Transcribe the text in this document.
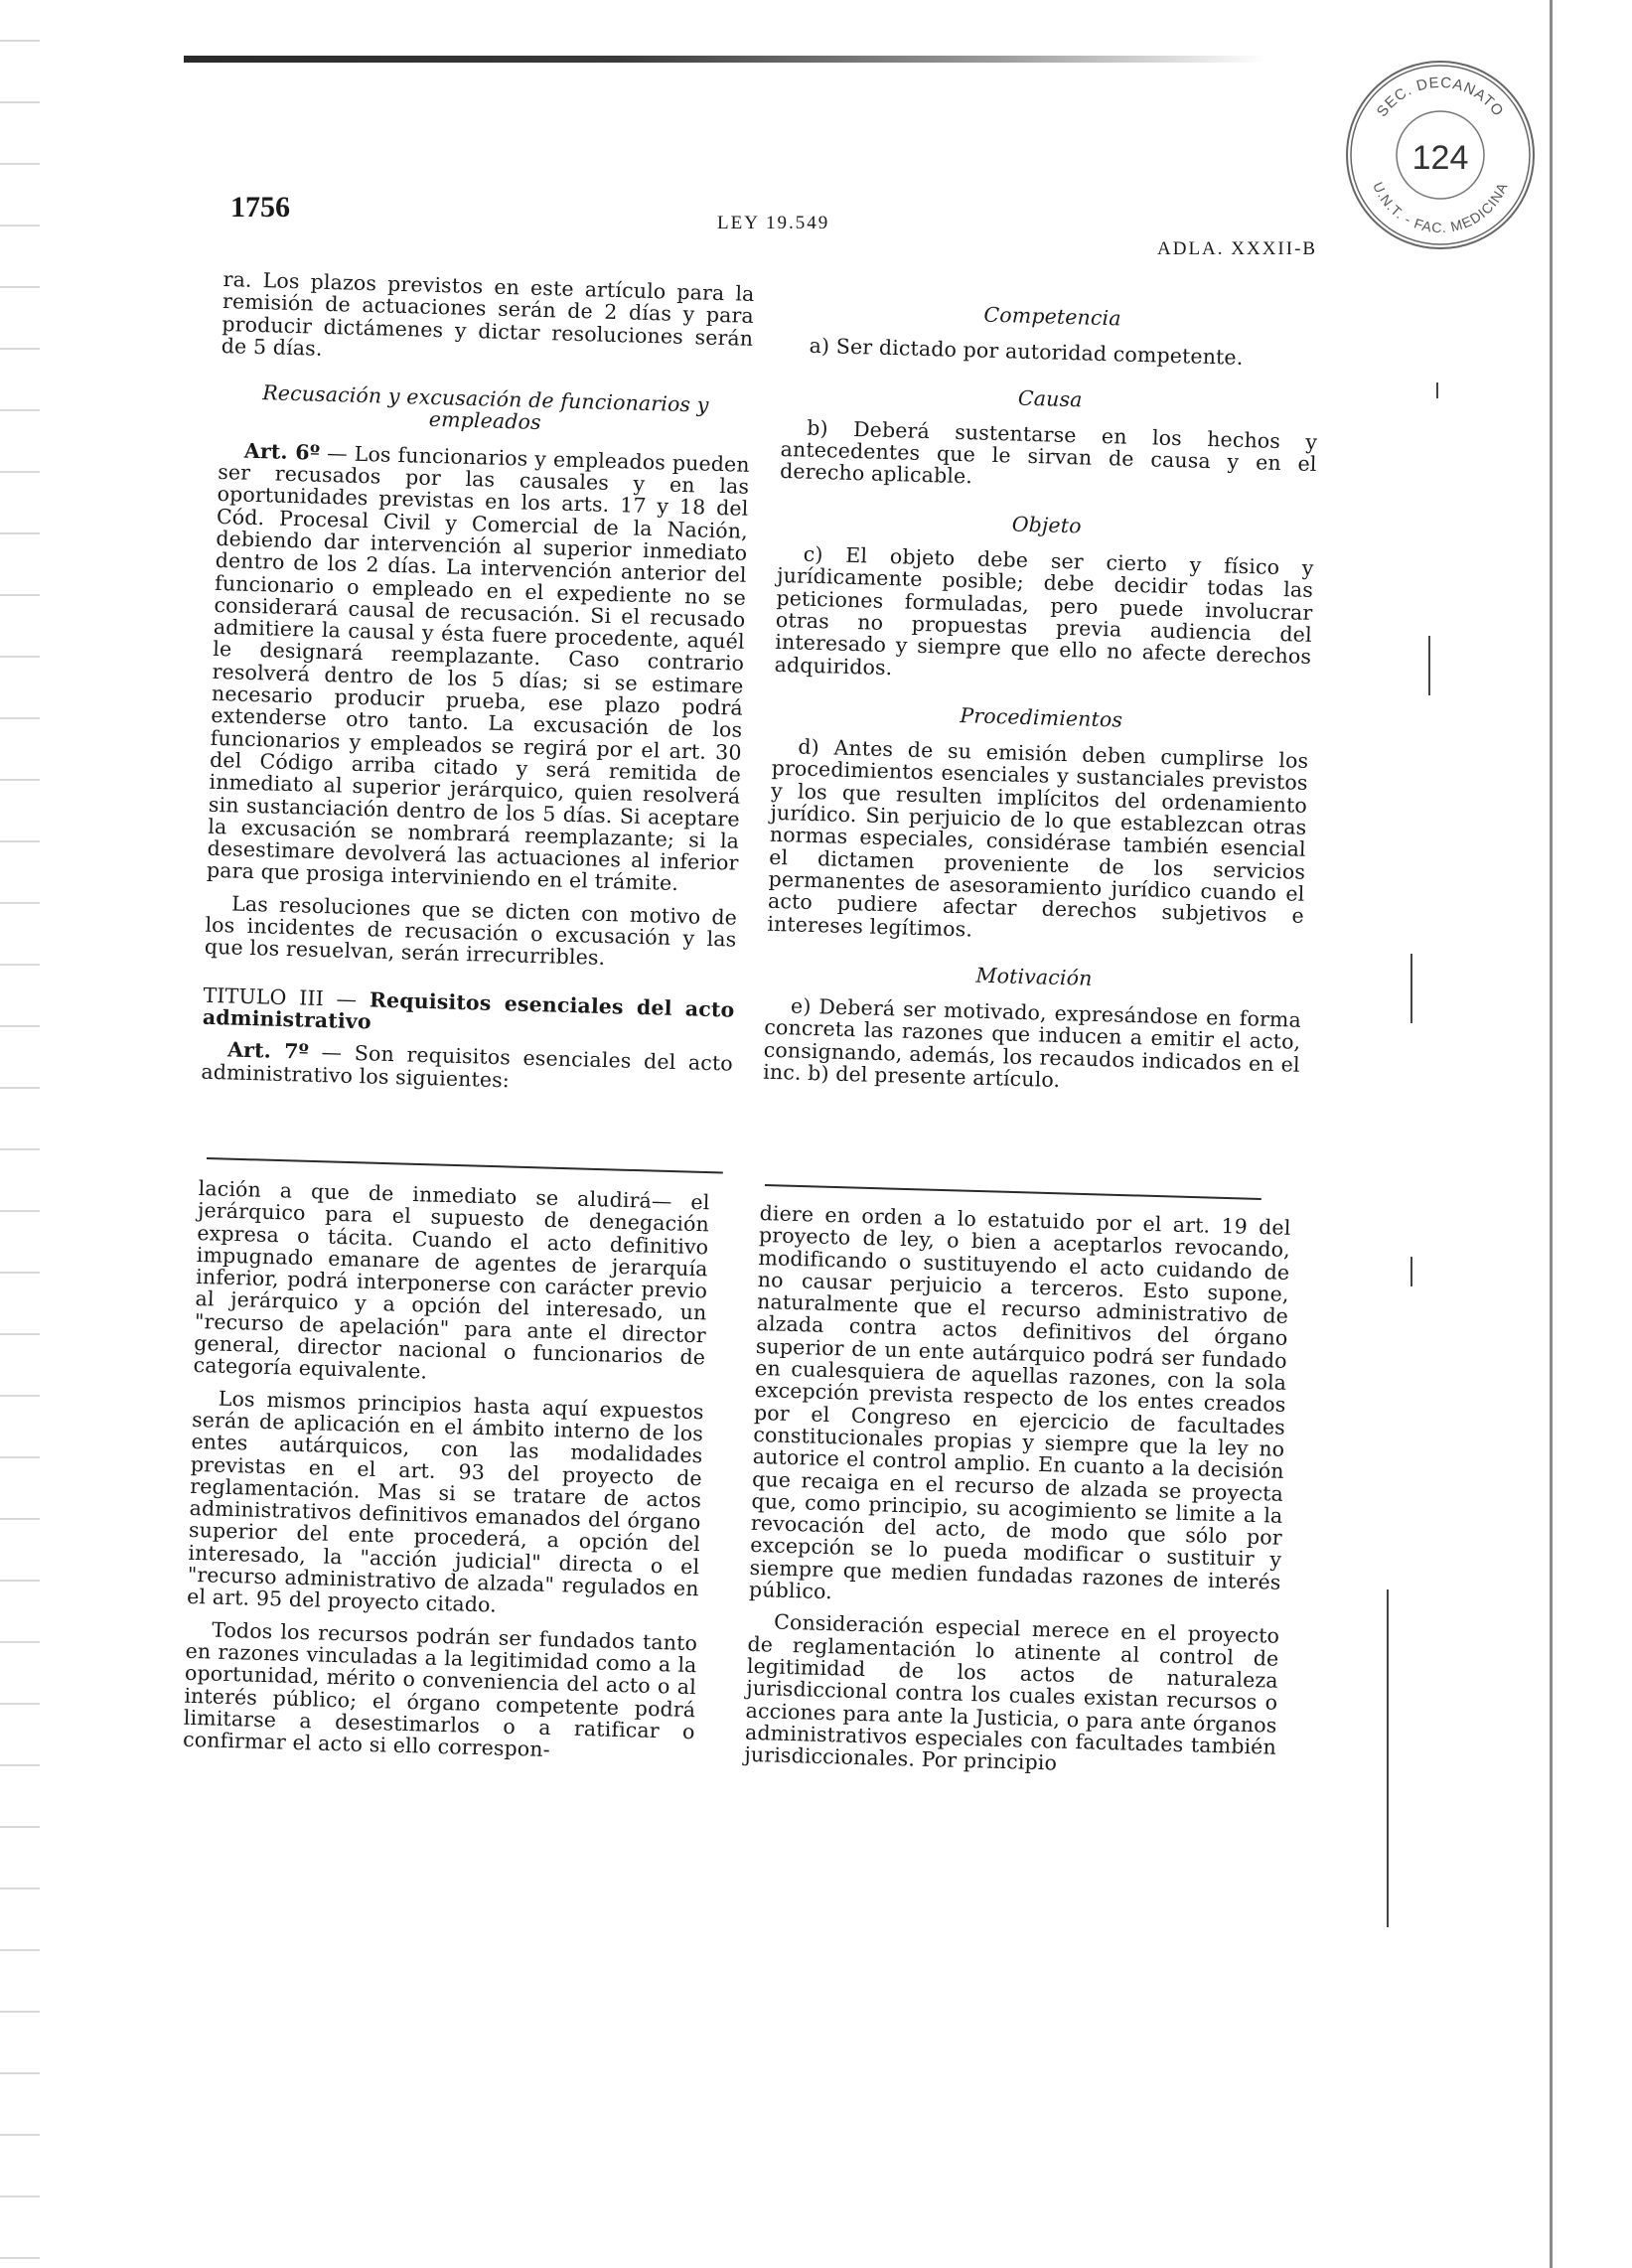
1756	LEY 19.549
ADLA. XXXII-B
SEC. DECANATO
U.N.T. - FAC. MEDICINA
124

ra. Los plazos previstos en este artículo para la remisión de actuaciones serán de 2 días y para producir dictámenes y dictar resoluciones serán de 5 días.

Recusación y excusación de funcionarios y empleados

Art. 6º — Los funcionarios y empleados pueden ser recusados por las causales y en las oportunidades previstas en los arts. 17 y 18 del Cód. Procesal Civil y Comercial de la Nación, debiendo dar intervención al superior inmediato dentro de los 2 días. La intervención anterior del funcionario o empleado en el expediente no se considerará causal de recusación. Si el recusado admitiere la causal y ésta fuere procedente, aquél le designará reemplazante. Caso contrario resolverá dentro de los 5 días; si se estimare necesario producir prueba, ese plazo podrá extenderse otro tanto. La excusación de los funcionarios y empleados se regirá por el art. 30 del Código arriba citado y será remitida de inmediato al superior jerárquico, quien resolverá sin sustanciación dentro de los 5 días. Si aceptare la excusación se nombrará reemplazante; si la desestimare devolverá las actuaciones al inferior para que prosiga interviniendo en el trámite.

Las resoluciones que se dicten con motivo de los incidentes de recusación o excusación y las que los resuelvan, serán irrecurribles.

TITULO III — Requisitos esenciales del acto administrativo

Art. 7º — Son requisitos esenciales del acto administrativo los siguientes:

Competencia

a) Ser dictado por autoridad competente.

Causa

b) Deberá sustentarse en los hechos y antecedentes que le sirvan de causa y en el derecho aplicable.

Objeto

c) El objeto debe ser cierto y físico y jurídicamente posible; debe decidir todas las peticiones formuladas, pero puede involucrar otras no propuestas previa audiencia del interesado y siempre que ello no afecte derechos adquiridos.

Procedimientos

d) Antes de su emisión deben cumplirse los procedimientos esenciales y sustanciales previstos y los que resulten implícitos del ordenamiento jurídico. Sin perjuicio de lo que establezcan otras normas especiales, considérase también esencial el dictamen proveniente de los servicios permanentes de asesoramiento jurídico cuando el acto pudiere afectar derechos subjetivos e intereses legítimos.

Motivación

e) Deberá ser motivado, expresándose en forma concreta las razones que inducen a emitir el acto, consignando, además, los recaudos indicados en el inc. b) del presente artículo.

lación a que de inmediato se aludirá— el jerárquico para el supuesto de denegación expresa o tácita. Cuando el acto definitivo impugnado emanare de agentes de jerarquía inferior, podrá interponerse con carácter previo al jerárquico y a opción del interesado, un "recurso de apelación" para ante el director general, director nacional o funcionarios de categoría equivalente.

Los mismos principios hasta aquí expuestos serán de aplicación en el ámbito interno de los entes autárquicos, con las modalidades previstas en el art. 93 del proyecto de reglamentación. Mas si se tratare de actos administrativos definitivos emanados del órgano superior del ente procederá, a opción del interesado, la "acción judicial" directa o el "recurso administrativo de alzada" regulados en el art. 95 del proyecto citado.

Todos los recursos podrán ser fundados tanto en razones vinculadas a la legitimidad como a la oportunidad, mérito o conveniencia del acto o al interés público; el órgano competente podrá limitarse a desestimarlos o a ratificar o confirmar el acto si ello correspon-

diere en orden a lo estatuido por el art. 19 del proyecto de ley, o bien a aceptarlos revocando, modificando o sustituyendo el acto cuidando de no causar perjuicio a terceros. Esto supone, naturalmente que el recurso administrativo de alzada contra actos definitivos del órgano superior de un ente autárquico podrá ser fundado en cualesquiera de aquellas razones, con la sola excepción prevista respecto de los entes creados por el Congreso en ejercicio de facultades constitucionales propias y siempre que la ley no autorice el control amplio. En cuanto a la decisión que recaiga en el recurso de alzada se proyecta que, como principio, su acogimiento se limite a la revocación del acto, de modo que sólo por excepción se lo pueda modificar o sustituir y siempre que medien fundadas razones de interés público.

Consideración especial merece en el proyecto de reglamentación lo atinente al control de legitimidad de los actos de naturaleza jurisdiccional contra los cuales existan recursos o acciones para ante la Justicia, o para ante órganos administrativos especiales con facultades también jurisdiccionales. Por principio
